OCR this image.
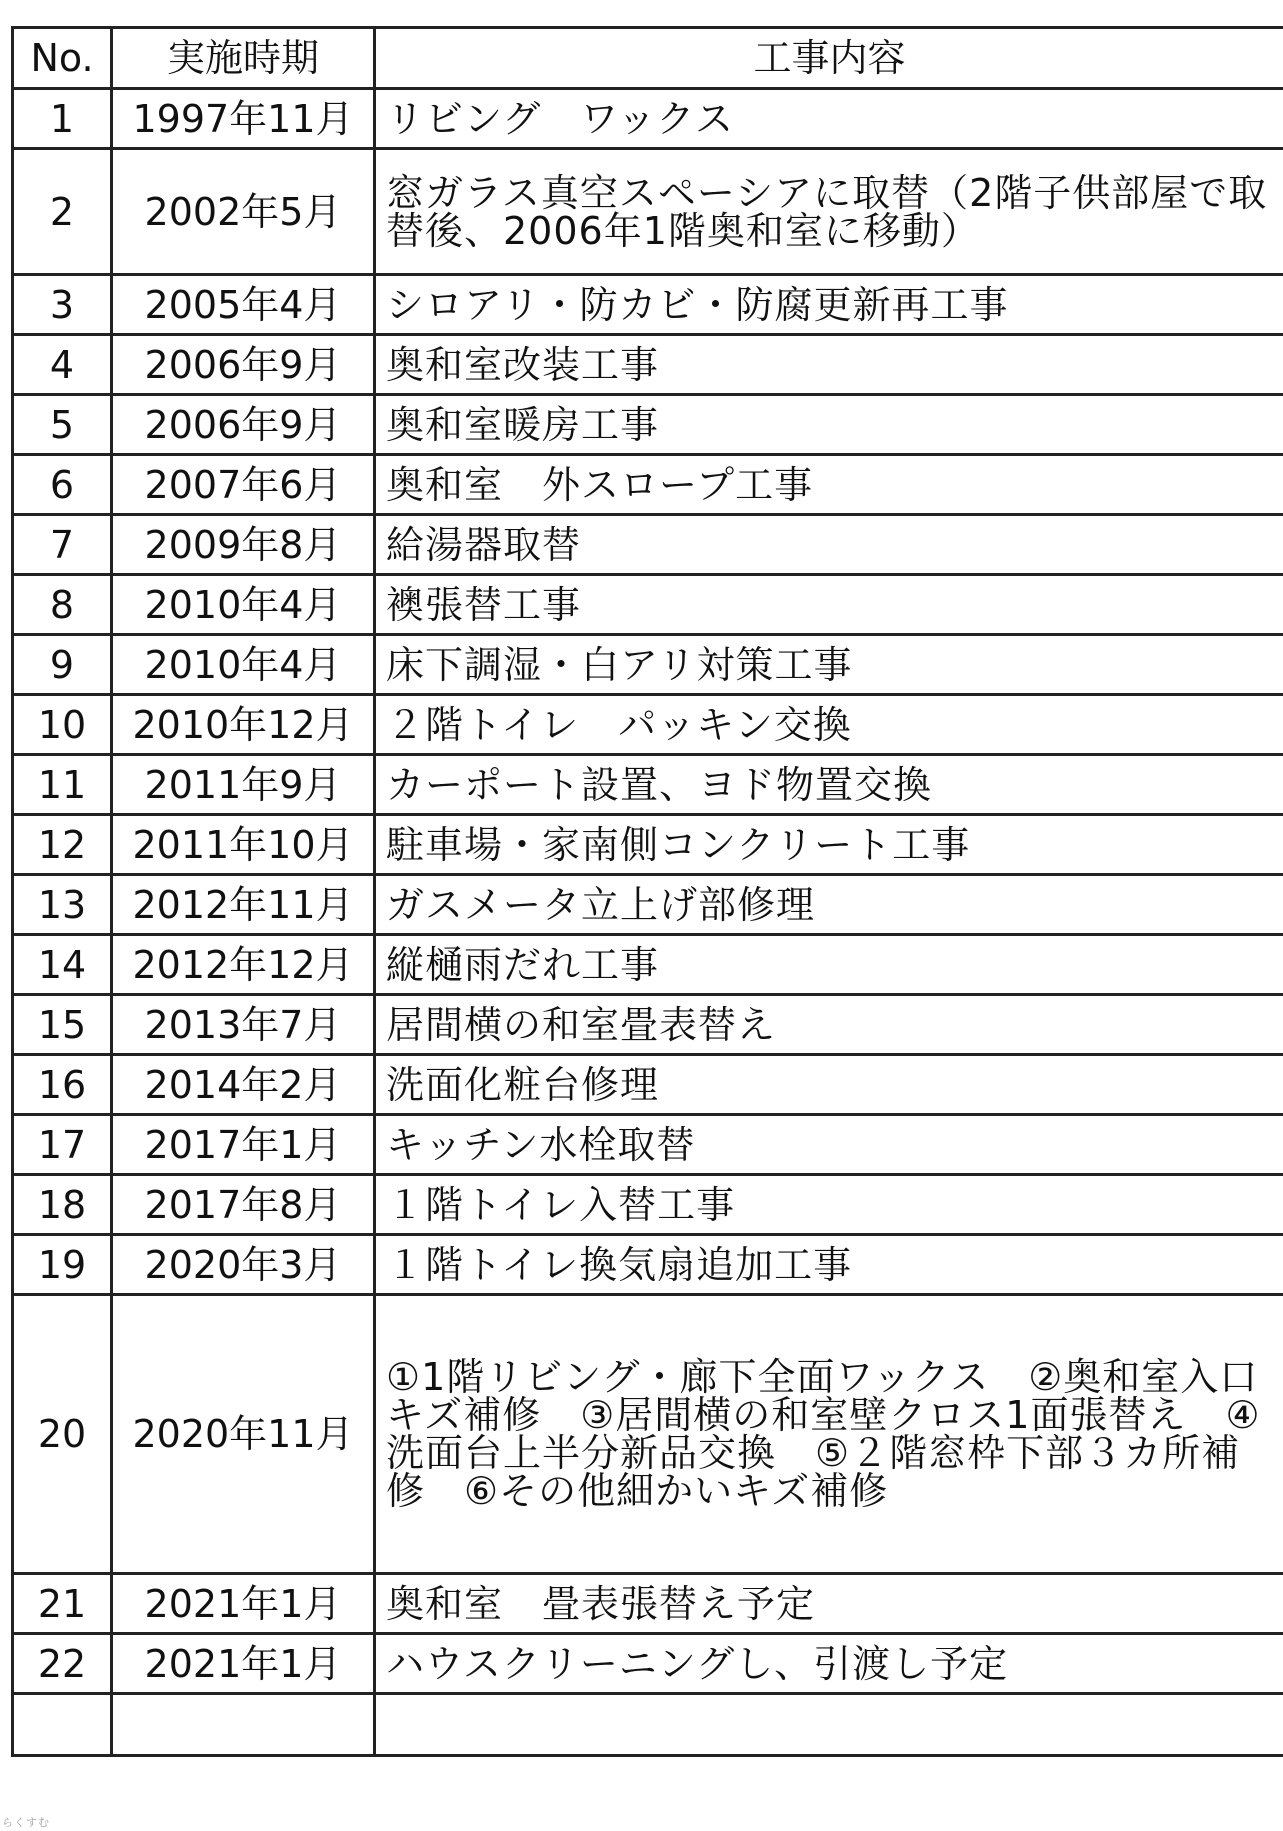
No.	実施時期	工事内容
1	1997年11月	リビング　ワックス
2	2002年5月	窓ガラス真空スペーシアに取替（2階子供部屋で取替後、2006年1階奥和室に移動）
3	2005年4月	シロアリ・防カビ・防腐更新再工事
4	2006年9月	奥和室改装工事
5	2006年9月	奥和室暖房工事
6	2007年6月	奥和室　外スロープ工事
7	2009年8月	給湯器取替
8	2010年4月	襖張替工事
9	2010年4月	床下調湿・白アリ対策工事
10	2010年12月	２階トイレ　パッキン交換
11	2011年9月	カーポート設置、ヨド物置交換
12	2011年10月	駐車場・家南側コンクリート工事
13	2012年11月	ガスメータ立上げ部修理
14	2012年12月	縦樋雨だれ工事
15	2013年7月	居間横の和室畳表替え
16	2014年2月	洗面化粧台修理
17	2017年1月	キッチン水栓取替
18	2017年8月	１階トイレ入替工事
19	2020年3月	１階トイレ換気扇追加工事
20	2020年11月	①1階リビング・廊下全面ワックス　②奥和室入口キズ補修　③居間横の和室壁クロス1面張替え　④洗面台上半分新品交換　⑤２階窓枠下部３カ所補修　⑥その他細かいキズ補修
21	2021年1月	奥和室　畳表張替え予定
22	2021年1月	ハウスクリーニングし、引渡し予定

らくすむ
